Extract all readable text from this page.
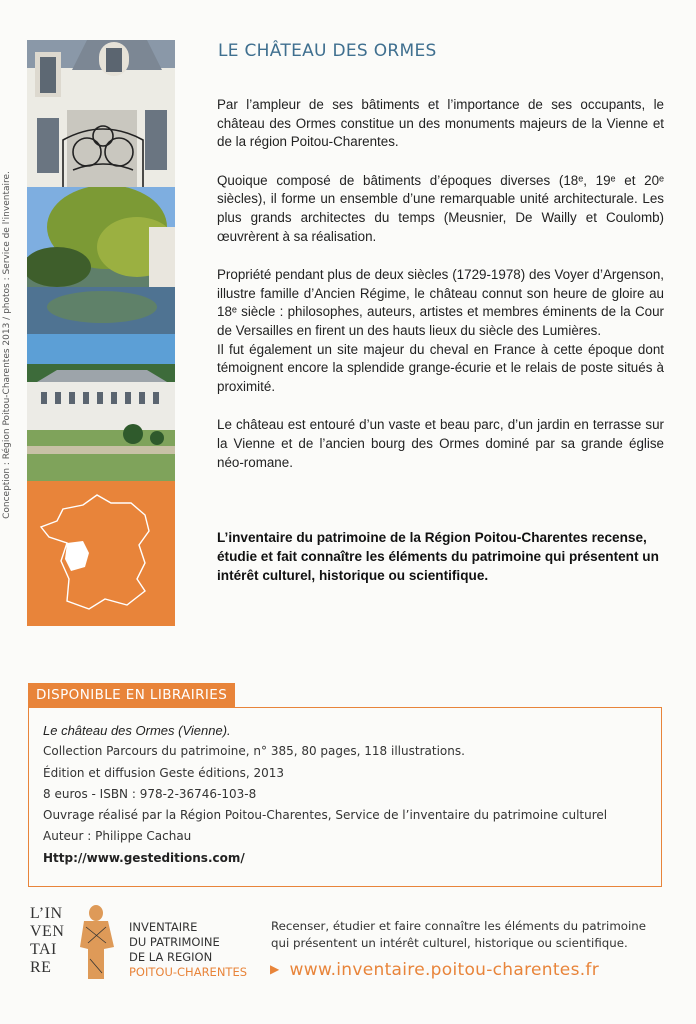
Conception : Région Poitou-Charentes 2013 / photos : Service de l'inventaire.
LE CHÂTEAU DES ORMES

Par l’ampleur de ses bâtiments et l’importance de ses occupants, le château des Ormes constitue un des monuments majeurs de la Vienne et de la région Poitou-Charentes.

Quoique composé de bâtiments d’époques diverses (18ᵉ, 19ᵉ et 20ᵉ siècles), il forme un ensemble d’une remarquable unité architecturale. Les plus grands architectes du temps (Meusnier, De Wailly et Coulomb) œuvrèrent à sa réalisation.

Propriété pendant plus de deux siècles (1729-1978) des Voyer d’Argenson, illustre famille d’Ancien Régime, le château connut son heure de gloire au 18ᵉ siècle : philosophes, auteurs, artistes et membres éminents de la Cour de Versailles en firent un des hauts lieux du siècle des Lumières.

Il fut également un site majeur du cheval en France à cette époque dont témoignent encore la splendide grange-écurie et le relais de poste situés à proximité.

Le château est entouré d’un vaste et beau parc, d’un jardin en terrasse sur la Vienne et de l’ancien bourg des Ormes dominé par sa grande église néo-romane.

L’inventaire du patrimoine de la Région Poitou-Charentes recense, étudie et fait connaître les éléments du patrimoine qui présentent un intérêt culturel, historique ou scientifique.

DISPONIBLE EN LIBRAIRIES
Le château des Ormes (Vienne).
Collection Parcours du patrimoine, n° 385, 80 pages, 118 illustrations.
Édition et diffusion Geste éditions, 2013
8 euros - ISBN : 978-2-36746-103-8
Ouvrage réalisé par la Région Poitou-Charentes, Service de l’inventaire du patrimoine culturel
Auteur : Philippe Cachau
Http://www.gesteditions.com/
L’IN
VEN
TAI
RE
INVENTAIRE
DU PATRIMOINE
DE LA REGION
POITOU-CHARENTES
Recenser, étudier et faire connaître les éléments du patrimoine qui présentent un intérêt culturel, historique ou scientifique.
▶ www.inventaire.poitou-charentes.fr
